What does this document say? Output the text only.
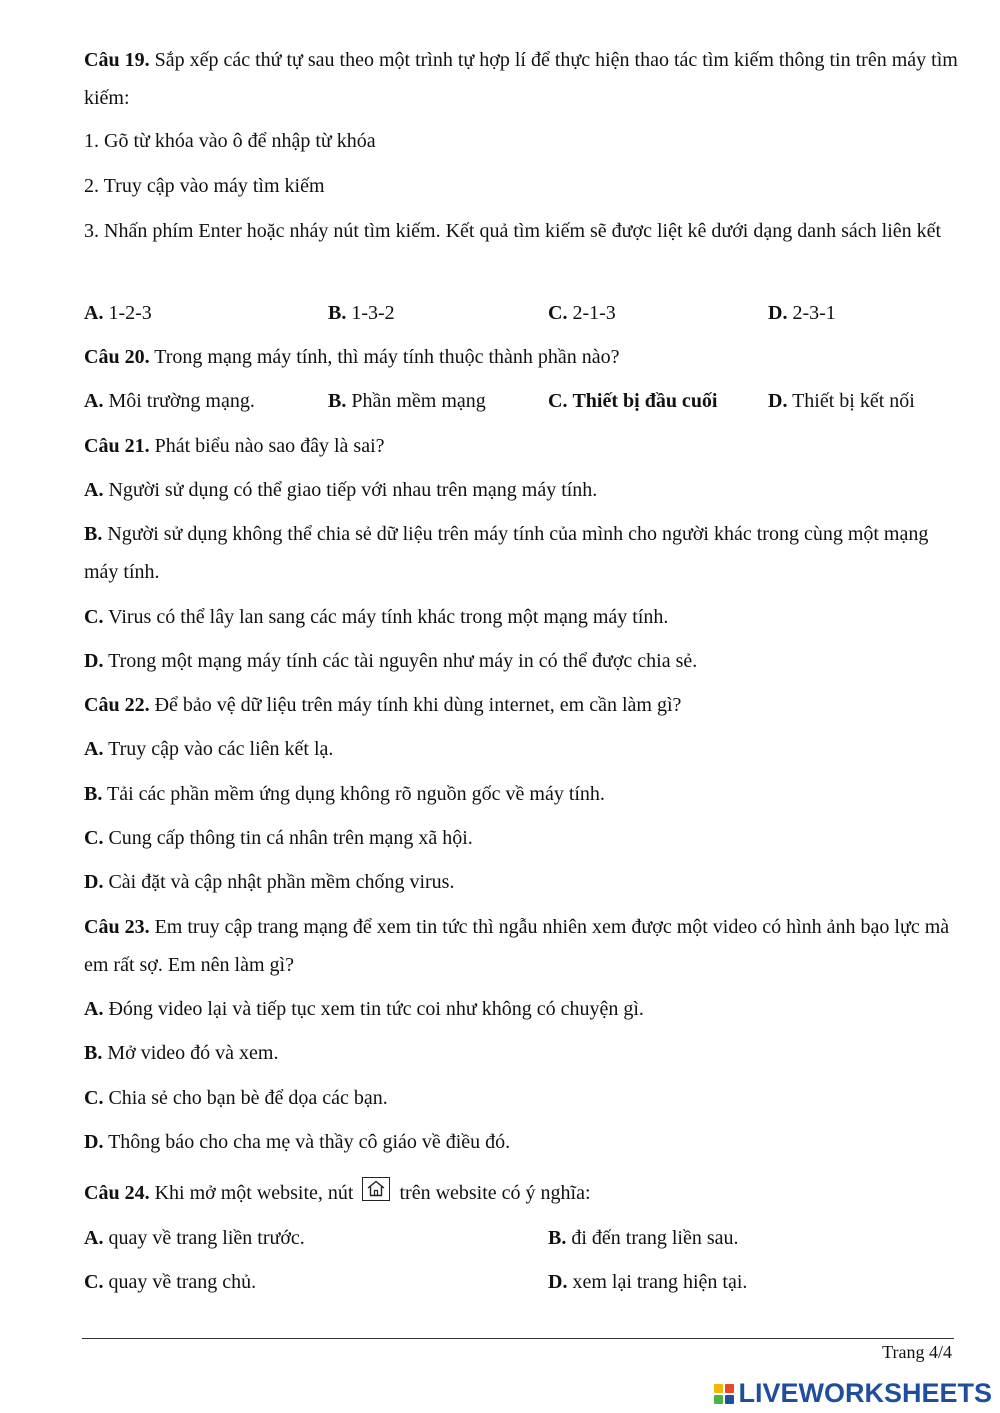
Câu 19. Sắp xếp các thứ tự sau theo một trình tự hợp lí để thực hiện thao tác tìm kiếm thông tin trên máy tìm kiếm:
1. Gõ từ khóa vào ô để nhập từ khóa
2. Truy cập vào máy tìm kiếm
3. Nhấn phím Enter hoặc nháy nút tìm kiếm. Kết quả tìm kiếm sẽ được liệt kê dưới dạng danh sách liên kết
A. 1-2-3	B. 1-3-2	C. 2-1-3	D. 2-3-1
Câu 20. Trong mạng máy tính, thì máy tính thuộc thành phần nào?
A. Môi trường mạng.	B. Phần mềm mạng	C. Thiết bị đầu cuối	D. Thiết bị kết nối
Câu 21. Phát biểu nào sao đây là sai?
A. Người sử dụng có thể giao tiếp với nhau trên mạng máy tính.
B. Người sử dụng không thể chia sẻ dữ liệu trên máy tính của mình cho người khác trong cùng một mạng máy tính.
C. Virus có thể lây lan sang các máy tính khác trong một mạng máy tính.
D. Trong một mạng máy tính các tài nguyên như máy in có thể được chia sẻ.
Câu 22. Để bảo vệ dữ liệu trên máy tính khi dùng internet, em cần làm gì?
A. Truy cập vào các liên kết lạ.
B. Tải các phần mềm ứng dụng không rõ nguồn gốc về máy tính.
C. Cung cấp thông tin cá nhân trên mạng xã hội.
D. Cài đặt và cập nhật phần mềm chống virus.
Câu 23. Em truy cập trang mạng để xem tin tức thì ngẫu nhiên xem được một video có hình ảnh bạo lực mà em rất sợ. Em nên làm gì?
A. Đóng video lại và tiếp tục xem tin tức coi như không có chuyện gì.
B. Mở video đó và xem.
C. Chia sẻ cho bạn bè để dọa các bạn.
D. Thông báo cho cha mẹ và thầy cô giáo về điều đó.
Câu 24. Khi mở một website, nút trên website có ý nghĩa:
A. quay về trang liền trước.	B. đi đến trang liền sau.
C. quay về trang chủ.	D. xem lại trang hiện tại.
Trang 4/4
LIVEWORKSHEETS
